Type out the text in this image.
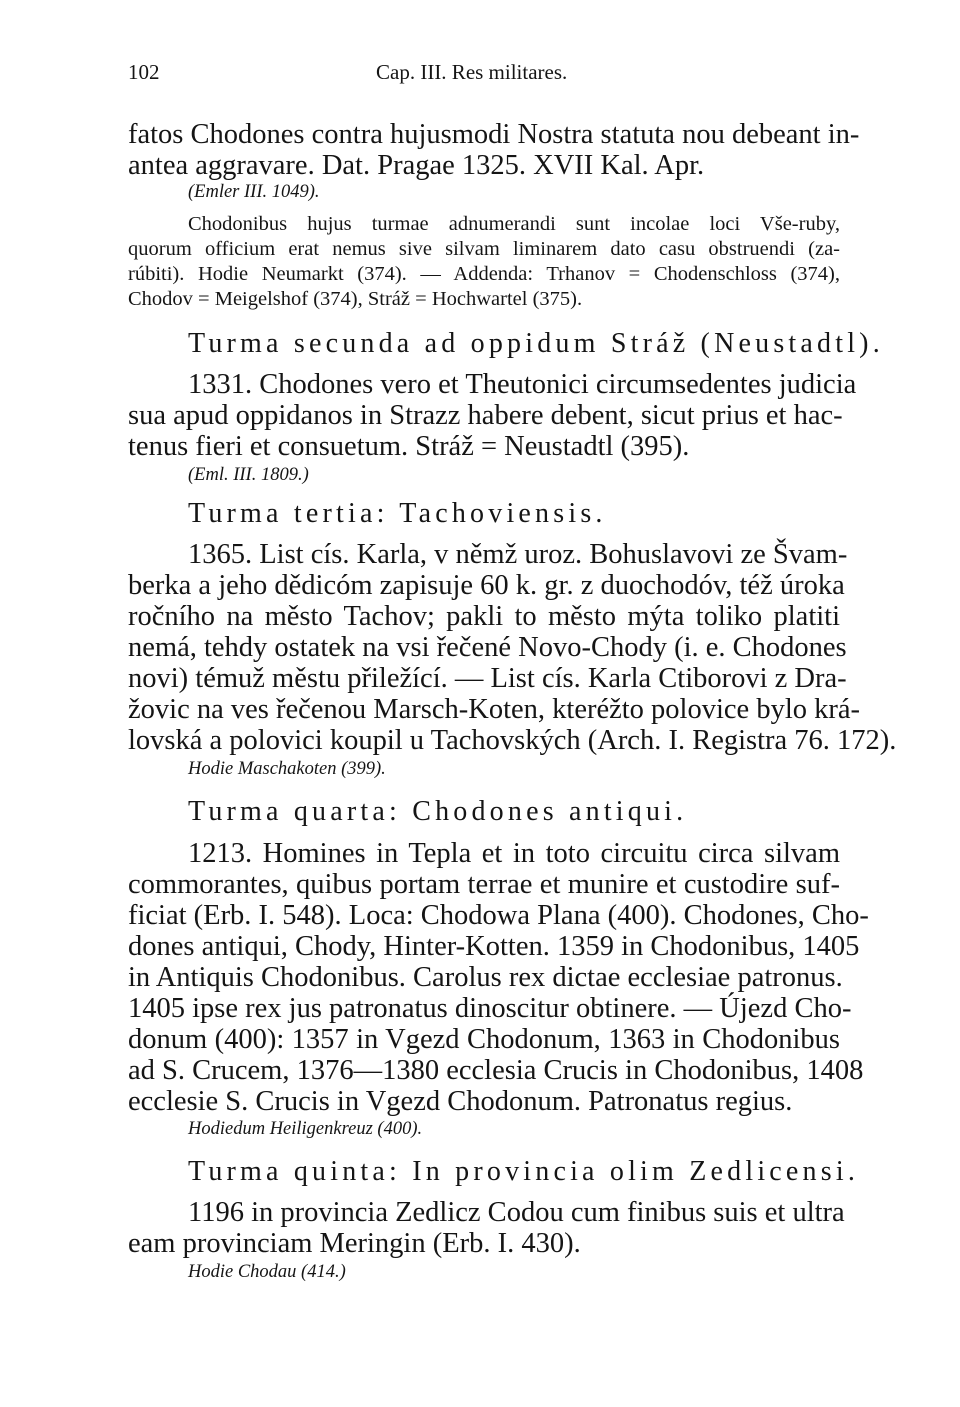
102	Cap. III. Res militares.
fatos Chodones contra hujusmodi Nostra statuta nou debeant in-
antea aggravare. Dat. Pragae 1325. XVII Kal. Apr.
(Emler III. 1049).
Chodonibus hujus turmae adnumerandi sunt incolae loci Vše-ruby,
quorum officium erat nemus sive silvam liminarem dato casu obstruendi (za-
rúbiti). Hodie Neumarkt (374). — Addenda: Trhanov = Chodenschloss (374),
Chodov = Meigelshof (374), Stráž = Hochwartel (375).
Turma secunda ad oppidum Stráž (Neustadtl).
1331. Chodones vero et Theutonici circumsedentes judicia
sua apud oppidanos in Strazz habere debent, sicut prius et hac-
tenus fieri et consuetum. Stráž = Neustadtl (395).
(Eml. III. 1809.)
Turma tertia: Tachoviensis.
1365. List cís. Karla, v němž uroz. Bohuslavovi ze Švam-
berka a jeho dědicóm zapisuje 60 k. gr. z duochodóv, též úroka
ročního na město Tachov; pakli to město mýta toliko platiti
nemá, tehdy ostatek na vsi řečené Novo-Chody (i. e. Chodones
novi) témuž městu přiležící. — List cís. Karla Ctiborovi z Dra-
žovic na ves řečenou Marsch-Koten, kteréžto polovice bylo krá-
lovská a polovici koupil u Tachovských (Arch. I. Registra 76. 172).
Hodie Maschakoten (399).
Turma quarta: Chodones antiqui.
1213. Homines in Tepla et in toto circuitu circa silvam
commorantes, quibus portam terrae et munire et custodire suf-
ficiat (Erb. I. 548). Loca: Chodowa Plana (400). Chodones, Cho-
dones antiqui, Chody, Hinter-Kotten. 1359 in Chodonibus, 1405
in Antiquis Chodonibus. Carolus rex dictae ecclesiae patronus.
1405 ipse rex jus patronatus dinoscitur obtinere. — Újezd Cho-
donum (400): 1357 in Vgezd Chodonum, 1363 in Chodonibus
ad S. Crucem, 1376—1380 ecclesia Crucis in Chodonibus, 1408
ecclesie S. Crucis in Vgezd Chodonum. Patronatus regius.
Hodiedum Heiligenkreuz (400).
Turma quinta: In provincia olim Zedlicensi.
1196 in provincia Zedlicz Codou cum finibus suis et ultra
eam provinciam Meringin (Erb. I. 430).
Hodie Chodau (414.)
